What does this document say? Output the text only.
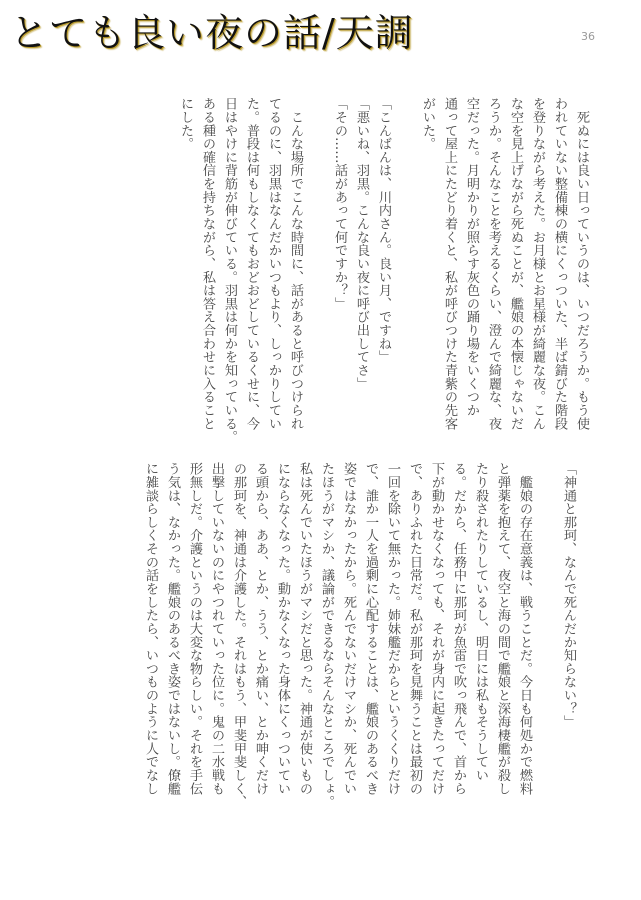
とても良い夜の話/天調	36
　死ぬには良い日っていうのは、いつだろうか。もう使
われていない整備棟の横にくっついた、半ば錆びた階段
を登りながら考えた。お月様とお星様が綺麗な夜。こん
な空を見上げながら死ぬことが、艦娘の本懐じゃないだ
ろうか。そんなことを考えるくらい、澄んで綺麗な、夜
空だった。月明かりが照らす灰色の踊り場をいくつか
通って屋上にたどり着くと、私が呼びつけた青紫の先客
がいた。

「こんばんは、川内さん。良い月、ですね」
「悪いね、羽黒。こんな良い夜に呼び出してさ」
「その……話があって何ですか？」

　こんな場所でこんな時間に、話があると呼びつけられ
てるのに、羽黒はなんだかいつもより、しっかりしてい
た。普段は何もしなくてもおどおどしているくせに、今
日はやけに背筋が伸びている。羽黒は何かを知っている。
ある種の確信を持ちながら、私は答え合わせに入ること
にした。
「神通と那珂、なんで死んだか知らない？」

　艦娘の存在意義は、戦うことだ。今日も何処かで燃料
と弾薬を抱えて、夜空と海の間で艦娘と深海棲艦が殺し
たり殺されたりしているし、明日には私もそうしてい
る。だから、任務中に那珂が魚雷で吹っ飛んで、首から
下が動かせなくなっても、それが身内に起きたってだけ
で、ありふれた日常だ。私が那珂を見舞うことは最初の
一回を除いて無かった。姉妹艦だからというくくりだけ
で、誰か一人を過剰に心配することは、艦娘のあるべき
姿ではなかったから。死んでないだけマシか、死んでい
たほうがマシか、議論ができるならそんなところでしょ。
私は死んでいたほうがマシだと思った。神通が使いもの
にならなくなった。動かなくなった身体にくっついてい
る頭から、ああ、とか、うう、とか痛い、とか呻くだけ
の那珂を、神通は介護した。それはもう、甲斐甲斐しく、
出撃していないのにやつれていった位に。鬼の二水戦も
形無しだ。介護というのは大変な物らしい。それを手伝
う気は、なかった。艦娘のあるべき姿ではないし。僚艦
に雑談らしくその話をしたら、いつものように人でなし
